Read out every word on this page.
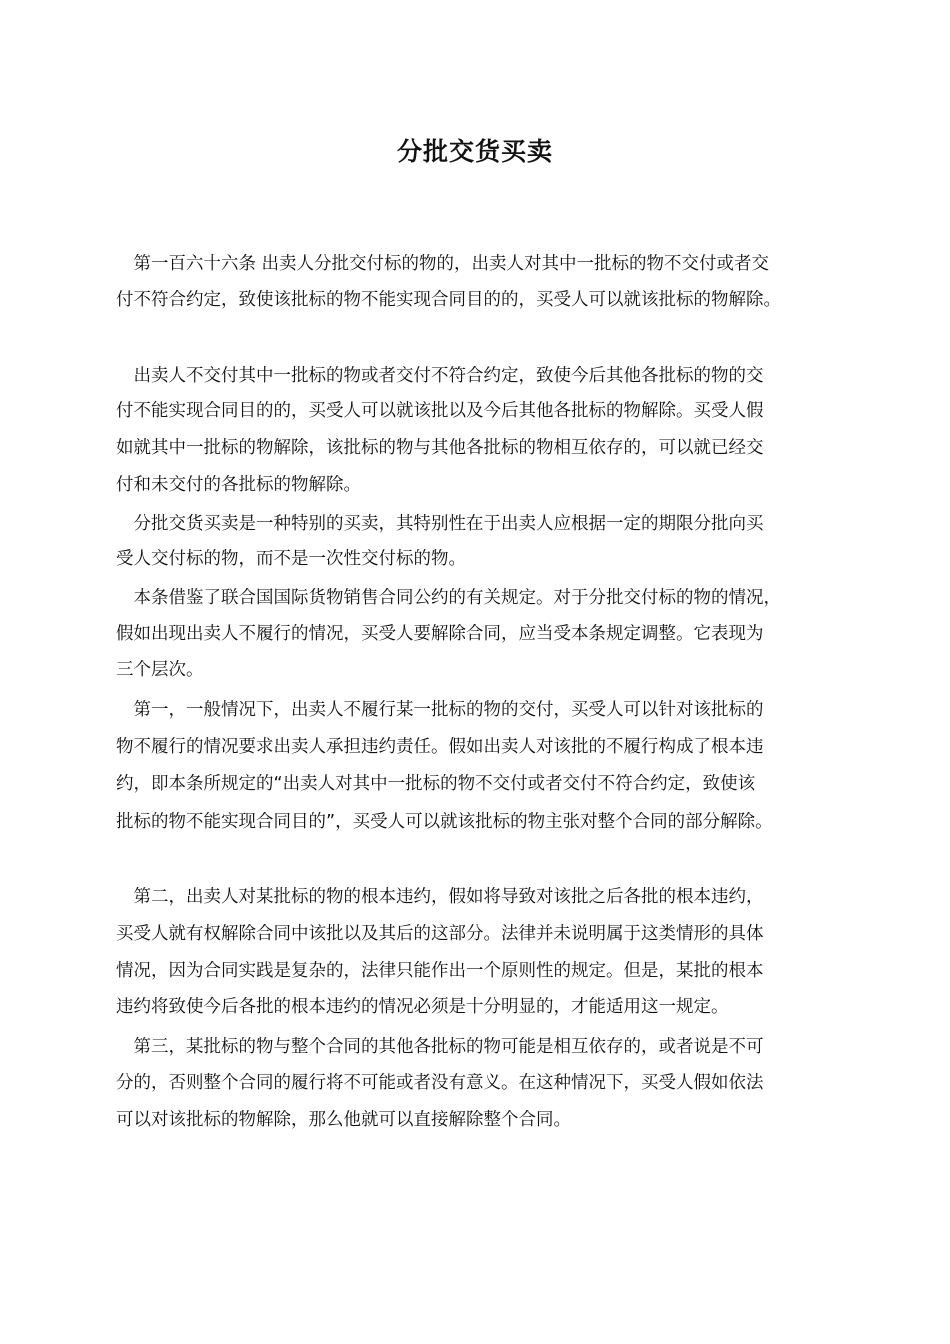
分批交货买卖
　第一百六十六条 出卖人分批交付标的物的，出卖人对其中一批标的物不交付或者交
付不符合约定，致使该批标的物不能实现合同目的的，买受人可以就该批标的物解除。
　出卖人不交付其中一批标的物或者交付不符合约定，致使今后其他各批标的物的交
付不能实现合同目的的，买受人可以就该批以及今后其他各批标的物解除。买受人假
如就其中一批标的物解除，该批标的物与其他各批标的物相互依存的，可以就已经交
付和未交付的各批标的物解除。
　分批交货买卖是一种特别的买卖，其特别性在于出卖人应根据一定的期限分批向买
受人交付标的物，而不是一次性交付标的物。
　本条借鉴了联合国国际货物销售合同公约的有关规定。对于分批交付标的物的情况，
假如出现出卖人不履行的情况，买受人要解除合同，应当受本条规定调整。它表现为
三个层次。
　第一，一般情况下，出卖人不履行某一批标的物的交付，买受人可以针对该批标的
物不履行的情况要求出卖人承担违约责任。假如出卖人对该批的不履行构成了根本违
约，即本条所规定的“出卖人对其中一批标的物不交付或者交付不符合约定，致使该
批标的物不能实现合同目的”，买受人可以就该批标的物主张对整个合同的部分解除。
　第二，出卖人对某批标的物的根本违约，假如将导致对该批之后各批的根本违约，
买受人就有权解除合同中该批以及其后的这部分。法律并未说明属于这类情形的具体
情况，因为合同实践是复杂的，法律只能作出一个原则性的规定。但是，某批的根本
违约将致使今后各批的根本违约的情况必须是十分明显的，才能适用这一规定。
　第三，某批标的物与整个合同的其他各批标的物可能是相互依存的，或者说是不可
分的，否则整个合同的履行将不可能或者没有意义。在这种情况下，买受人假如依法
可以对该批标的物解除，那么他就可以直接解除整个合同。
